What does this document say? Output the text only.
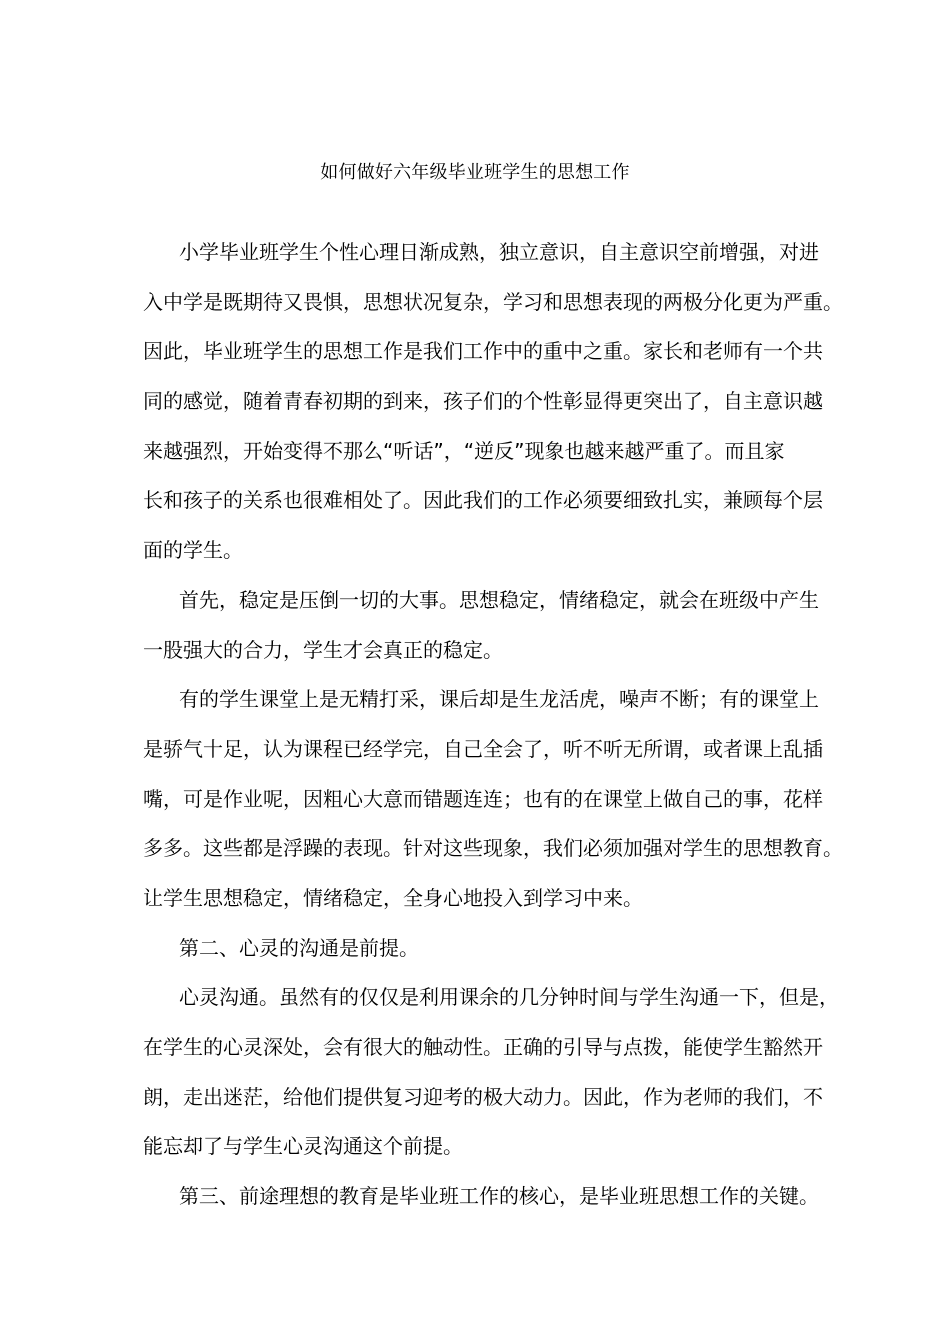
如何做好六年级毕业班学生的思想工作

小学毕业班学生个性心理日渐成熟，独立意识，自主意识空前增强，对进
入中学是既期待又畏惧，思想状况复杂，学习和思想表现的两极分化更为严重。
因此，毕业班学生的思想工作是我们工作中的重中之重。家长和老师有一个共
同的感觉，随着青春初期的到来，孩子们的个性彰显得更突出了，自主意识越
来越强烈，开始变得不那么“听话”，“逆反”现象也越来越严重了。而且家
长和孩子的关系也很难相处了。因此我们的工作必须要细致扎实，兼顾每个层
面的学生。

首先，稳定是压倒一切的大事。思想稳定，情绪稳定，就会在班级中产生
一股强大的合力，学生才会真正的稳定。

有的学生课堂上是无精打采，课后却是生龙活虎，噪声不断；有的课堂上
是骄气十足，认为课程已经学完，自己全会了，听不听无所谓，或者课上乱插
嘴，可是作业呢，因粗心大意而错题连连；也有的在课堂上做自己的事，花样
多多。这些都是浮躁的表现。针对这些现象，我们必须加强对学生的思想教育。
让学生思想稳定，情绪稳定，全身心地投入到学习中来。

第二、心灵的沟通是前提。

心灵沟通。虽然有的仅仅是利用课余的几分钟时间与学生沟通一下，但是，
在学生的心灵深处，会有很大的触动性。正确的引导与点拨，能使学生豁然开
朗，走出迷茫，给他们提供复习迎考的极大动力。因此，作为老师的我们，不
能忘却了与学生心灵沟通这个前提。

第三、前途理想的教育是毕业班工作的核心，是毕业班思想工作的关键。
